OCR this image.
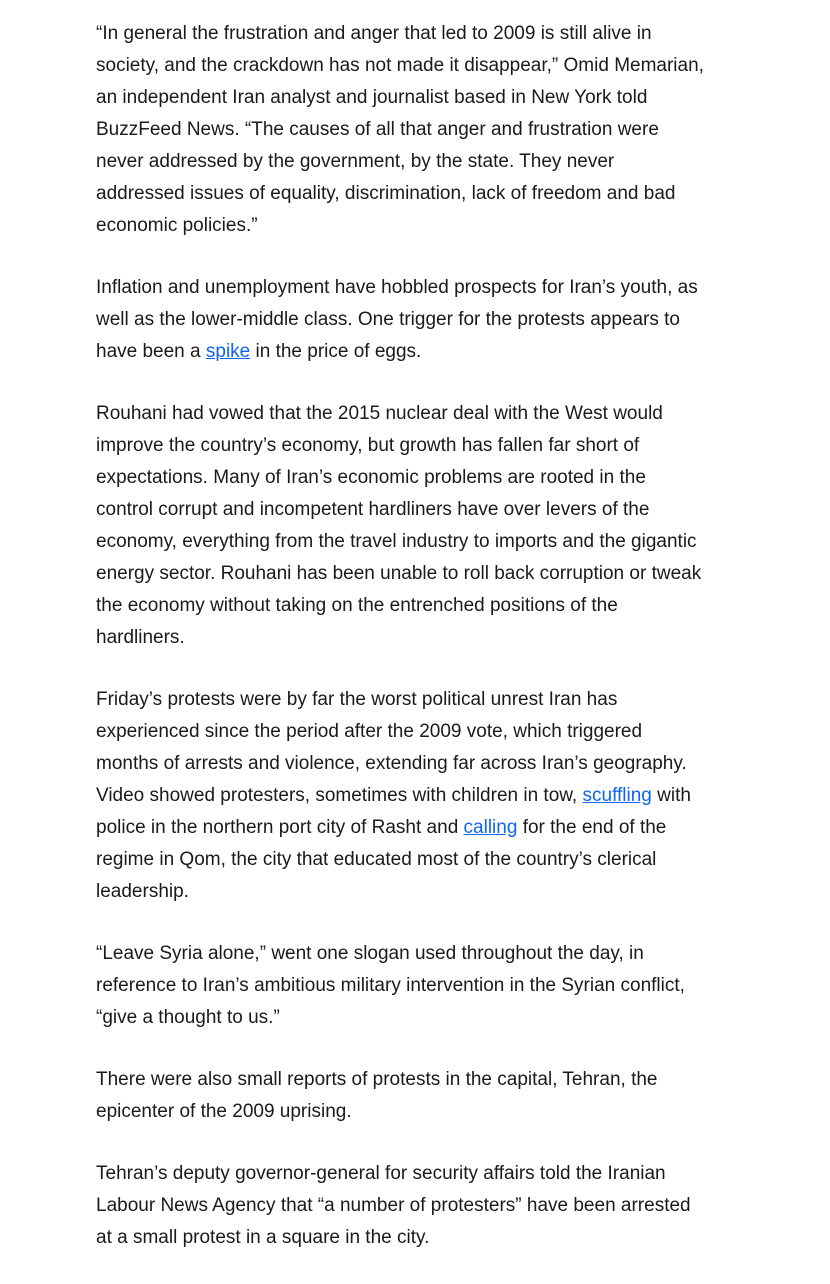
“In general the frustration and anger that led to 2009 is still alive in society, and the crackdown has not made it disappear,” Omid Memarian, an independent Iran analyst and journalist based in New York told BuzzFeed News. “The causes of all that anger and frustration were never addressed by the government, by the state. They never addressed issues of equality, discrimination, lack of freedom and bad economic policies.”

Inflation and unemployment have hobbled prospects for Iran’s youth, as well as the lower-middle class. One trigger for the protests appears to have been a spike in the price of eggs.

Rouhani had vowed that the 2015 nuclear deal with the West would improve the country’s economy, but growth has fallen far short of expectations. Many of Iran’s economic problems are rooted in the control corrupt and incompetent hardliners have over levers of the economy, everything from the travel industry to imports and the gigantic energy sector. Rouhani has been unable to roll back corruption or tweak the economy without taking on the entrenched positions of the hardliners.

Friday’s protests were by far the worst political unrest Iran has experienced since the period after the 2009 vote, which triggered months of arrests and violence, extending far across Iran’s geography. Video showed protesters, sometimes with children in tow, scuffling with police in the northern port city of Rasht and calling for the end of the regime in Qom, the city that educated most of the country’s clerical leadership.

“Leave Syria alone,” went one slogan used throughout the day, in reference to Iran’s ambitious military intervention in the Syrian conflict, “give a thought to us.”

There were also small reports of protests in the capital, Tehran, the epicenter of the 2009 uprising.

Tehran’s deputy governor-general for security affairs told the Iranian Labour News Agency that “a number of protesters” have been arrested at a small protest in a square in the city.
